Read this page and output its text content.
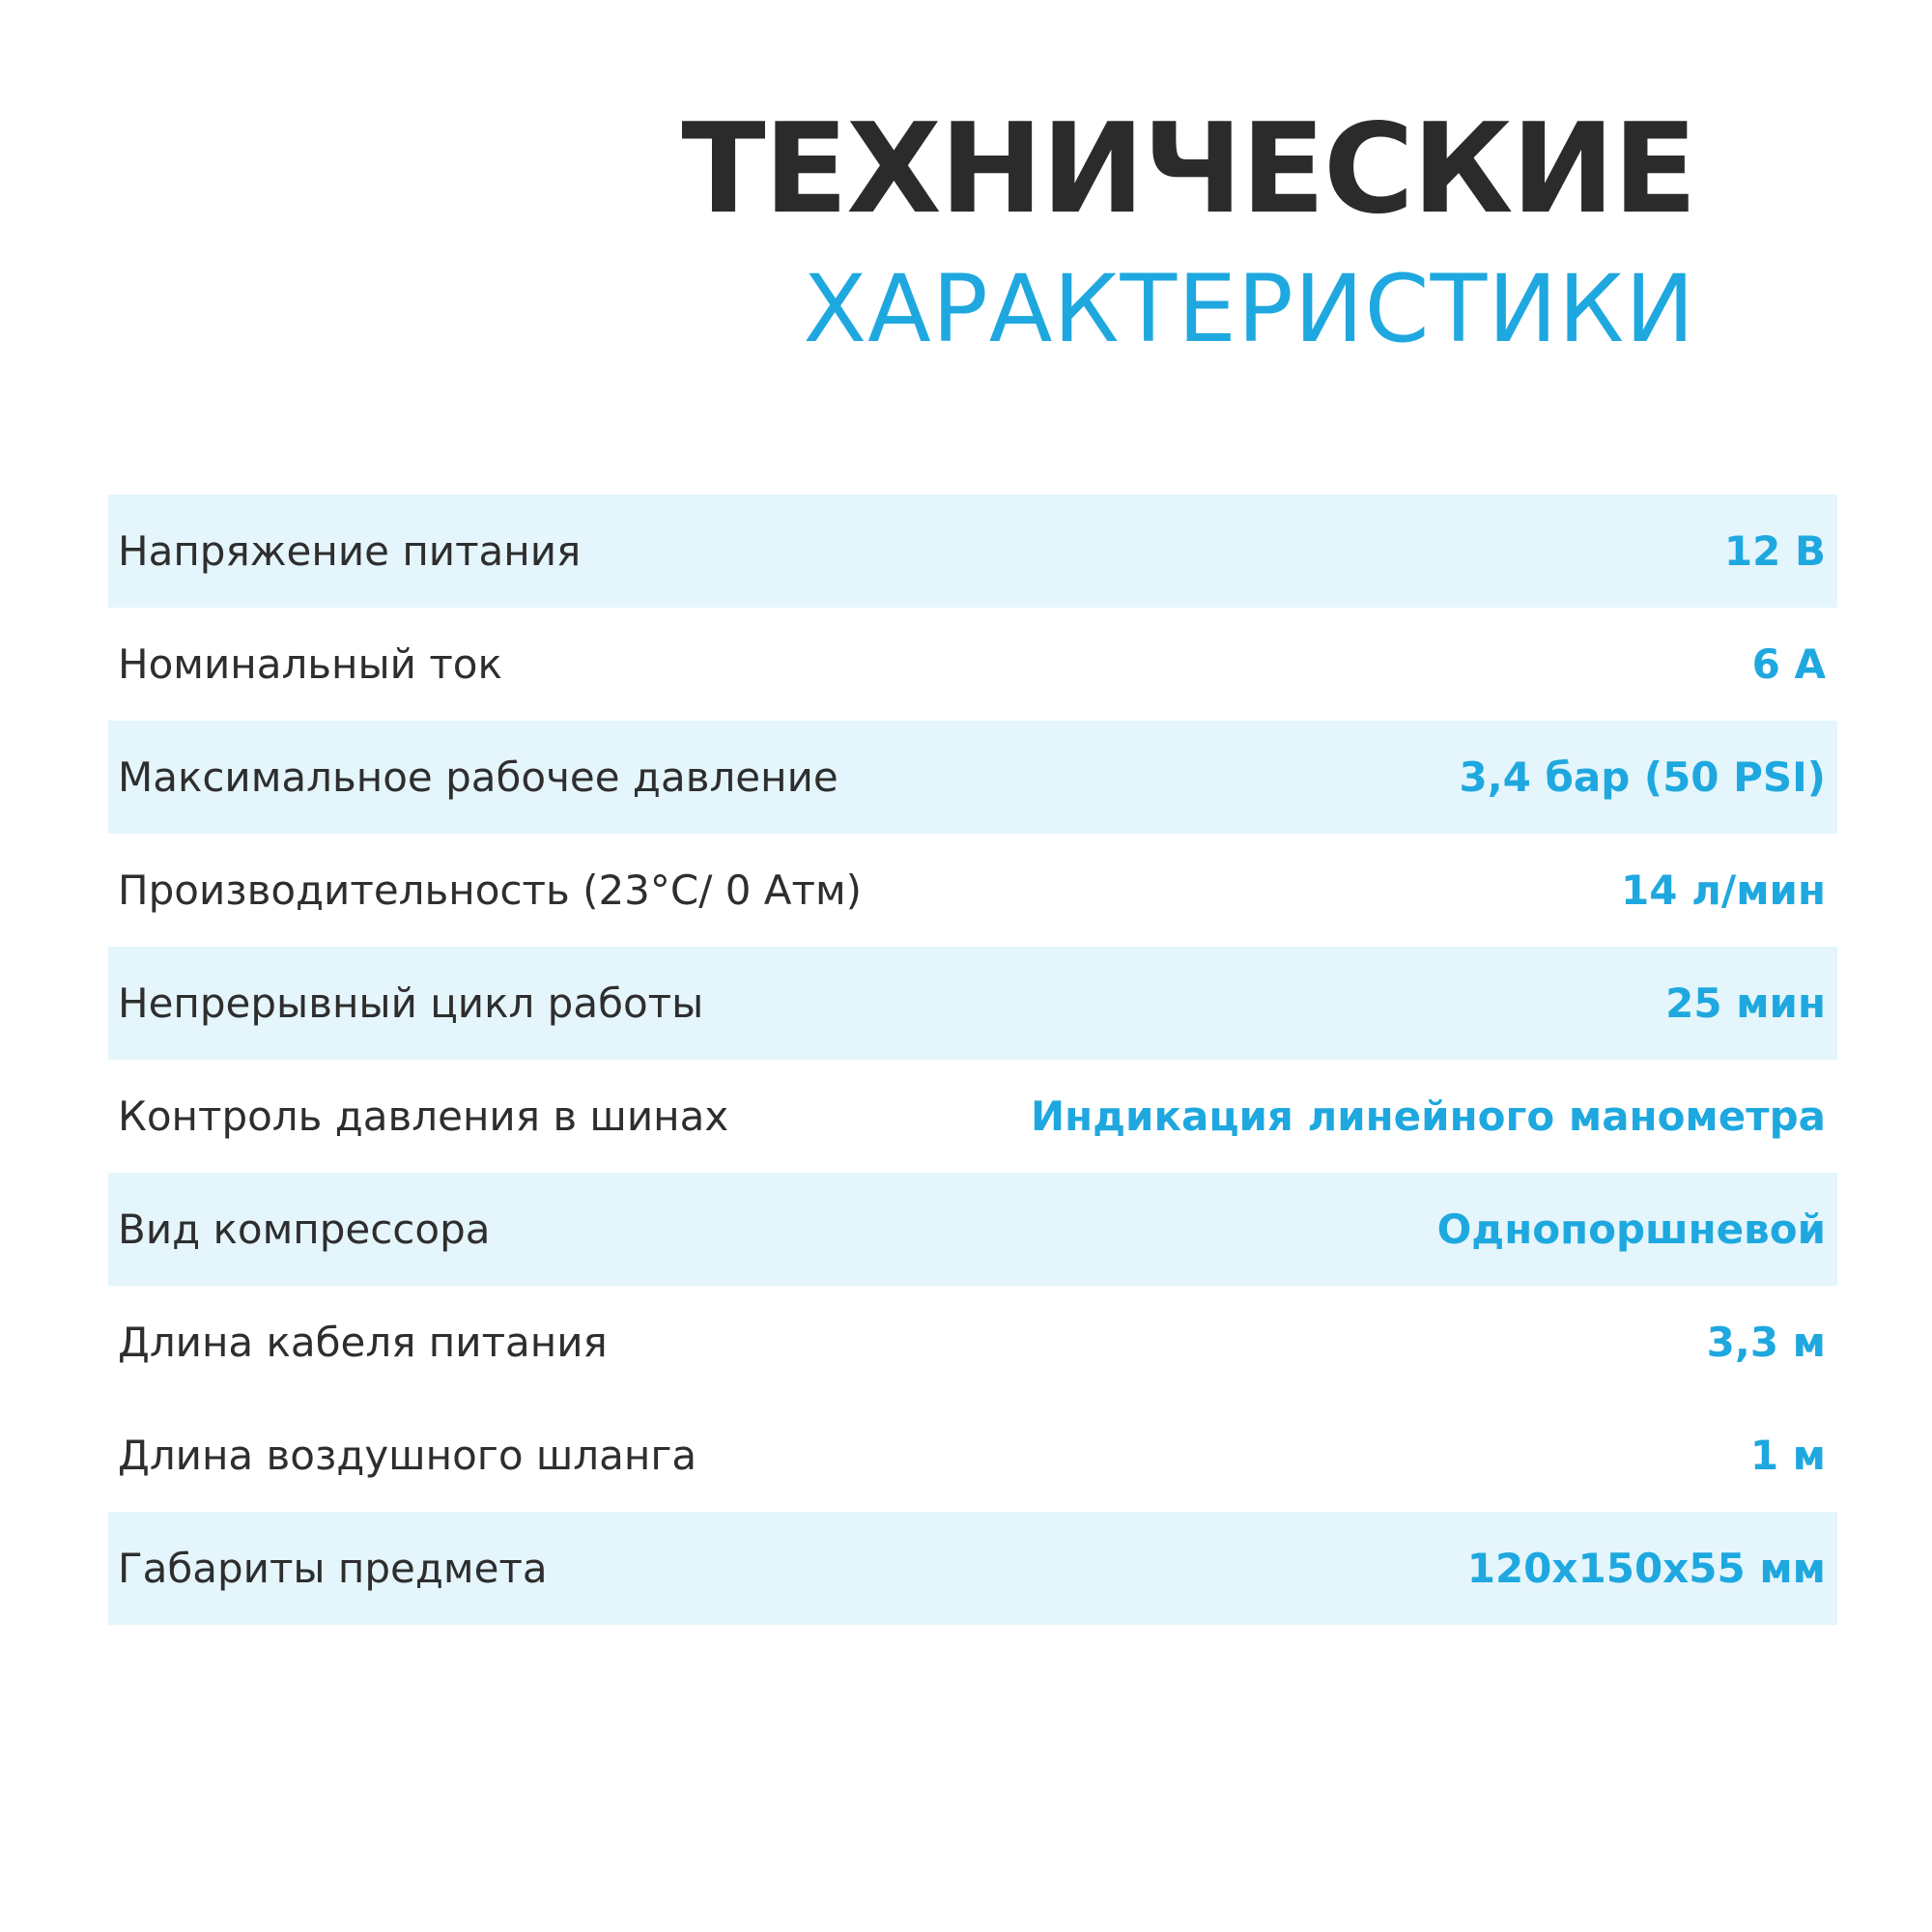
ТЕХНИЧЕСКИЕ
ХАРАКТЕРИСТИКИ
Напряжение питания	12 В
Номинальный ток	6 А
Максимальное рабочее давление	3,4 бар (50 PSI)
Производительность (23°C/ 0 Атм)	14 л/мин
Непрерывный цикл работы	25 мин
Контроль давления в шинах	Индикация линейного манометра
Вид компрессора	Однопоршневой
Длина кабеля питания	3,3 м
Длина воздушного шланга	1 м
Габариты предмета	120x150x55 мм
